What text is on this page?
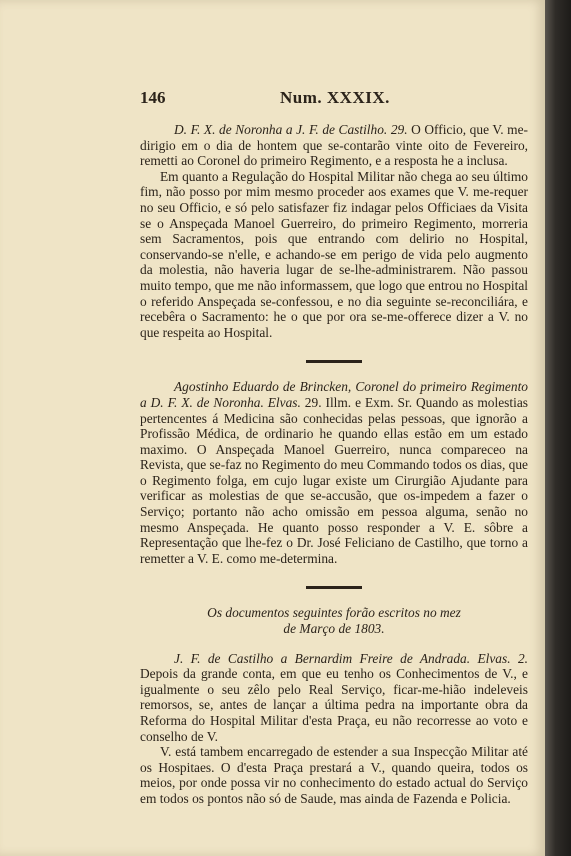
146	Num. XXXIX.

D. F. X. de Noronha a J. F. de Castilho. 29. O Officio, que V. me-dirigio em o dia de hontem que se-contarão vinte oito de Fevereiro, remetti ao Coronel do primeiro Regimento, e a resposta he a inclusa.

Em quanto a Regulação do Hospital Militar não chega ao seu último fim, não posso por mim mesmo proceder aos exames que V. me-requer no seu Officio, e só pelo satisfazer fiz indagar pelos Officiaes da Visita se o Anspeçada Manoel Guerreiro, do primeiro Regimento, morreria sem Sacramentos, pois que entrando com delirio no Hospital, conservando-se n'elle, e achando-se em perigo de vida pelo augmento da molestia, não haveria lugar de se-lhe-administrarem. Não passou muito tempo, que me não informassem, que logo que entrou no Hospital o referido Anspeçada se-confessou, e no dia seguinte se-reconciliára, e recebêra o Sacramento: he o que por ora se-me-offerece dizer a V. no que respeita ao Hospital.

Agostinho Eduardo de Brincken, Coronel do primeiro Regimento a D. F. X. de Noronha. Elvas. 29. Illm. e Exm. Sr. Quando as molestias pertencentes á Medicina são conhecidas pelas pessoas, que ignorão a Profissão Médica, de ordinario he quando ellas estão em um estado maximo. O Anspeçada Manoel Guerreiro, nunca compareceo na Revista, que se-faz no Regimento do meu Commando todos os dias, que o Regimento folga, em cujo lugar existe um Cirurgião Ajudante para verificar as molestias de que se-accusão, que os-impedem a fazer o Serviço; portanto não acho omissão em pessoa alguma, senão no mesmo Anspeçada. He quanto posso responder a V. E. sôbre a Representação que lhe-fez o Dr. José Feliciano de Castilho, que torno a remetter a V. E. como me-determina.

Os documentos seguintes forão escritos no mez

de Março de 1803.

J. F. de Castilho a Bernardim Freire de Andrada. Elvas. 2. Depois da grande conta, em que eu tenho os Conhecimentos de V., e igualmente o seu zêlo pelo Real Serviço, ficar-me-hião indeleveis remorsos, se, antes de lançar a última pedra na importante obra da Reforma do Hospital Militar d'esta Praça, eu não recorresse ao voto e conselho de V.

V. está tambem encarregado de estender a sua Inspecção Militar até os Hospitaes. O d'esta Praça prestará a V., quando queira, todos os meios, por onde possa vir no conhecimento do estado actual do Serviço em todos os pontos não só de Saude, mas ainda de Fazenda e Policia.
